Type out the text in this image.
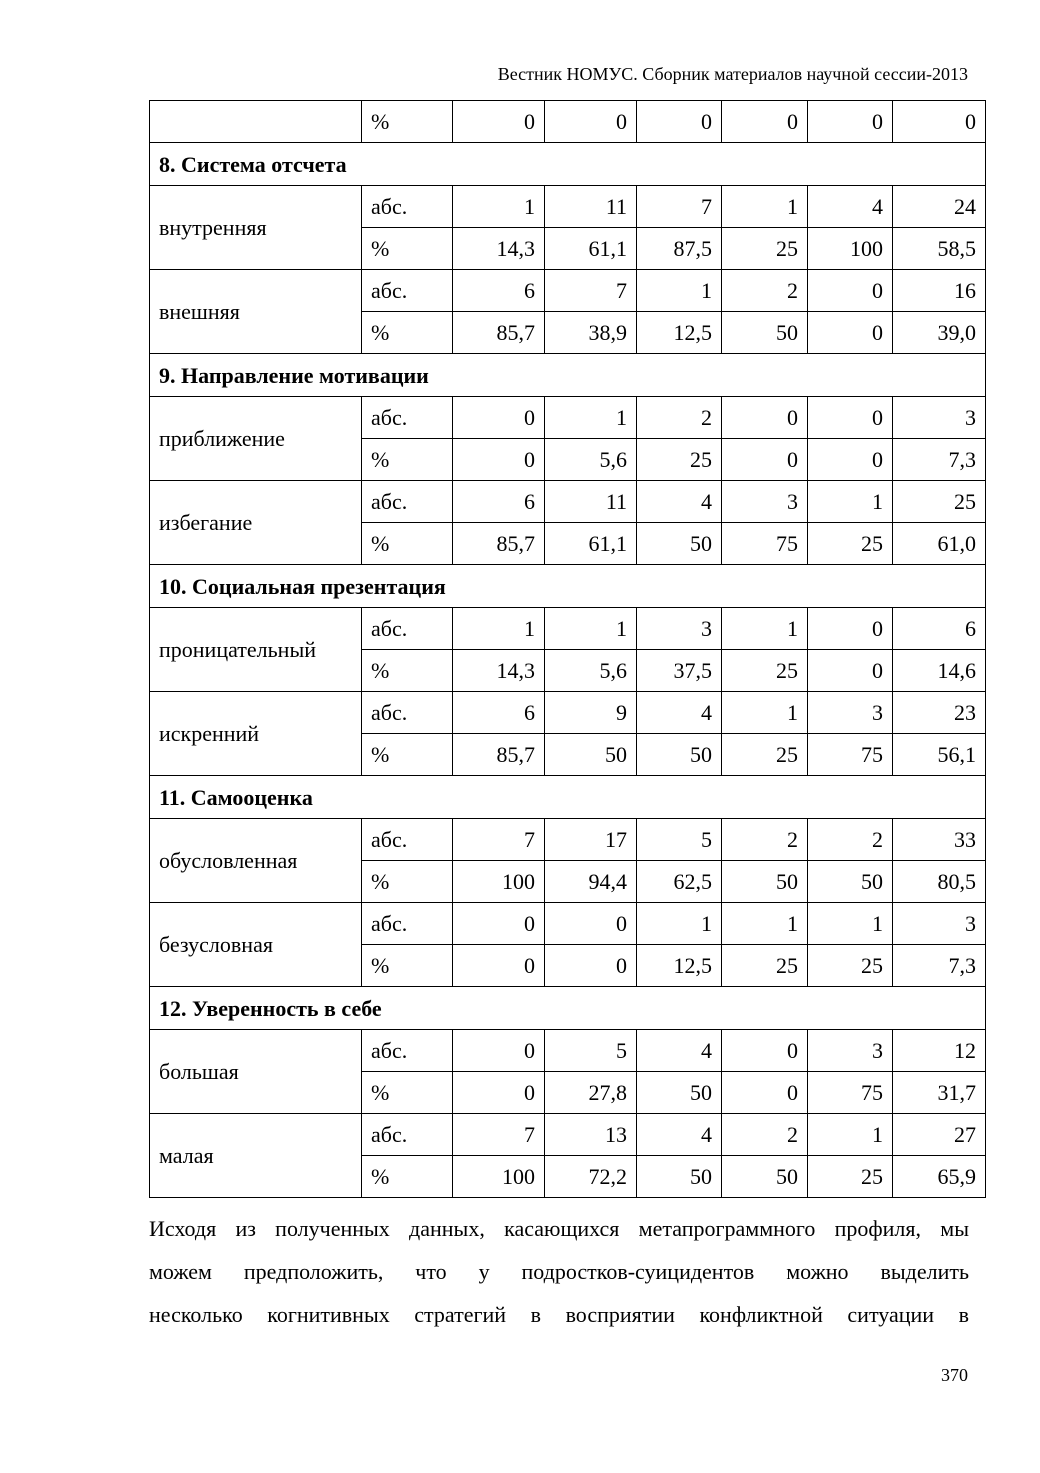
Вестник НОМУС. Сборник материалов научной сессии-2013
	%	0	0	0	0	0	0
8. Система отсчета							
внутренняя	абс.	1	11	7	1	4	24
	%	14,3	61,1	87,5	25	100	58,5
внешняя	абс.	6	7	1	2	0	16
	%	85,7	38,9	12,5	50	0	39,0
9. Направление мотивации							
приближение	абс.	0	1	2	0	0	3
	%	0	5,6	25	0	0	7,3
избегание	абс.	6	11	4	3	1	25
	%	85,7	61,1	50	75	25	61,0
10. Социальная презентация							
проницательный	абс.	1	1	3	1	0	6
	%	14,3	5,6	37,5	25	0	14,6
искренний	абс.	6	9	4	1	3	23
	%	85,7	50	50	25	75	56,1
11. Самооценка							
обусловленная	абс.	7	17	5	2	2	33
	%	100	94,4	62,5	50	50	80,5
безусловная	абс.	0	0	1	1	1	3
	%	0	0	12,5	25	25	7,3
12. Уверенность в себе							
большая	абс.	0	5	4	0	3	12
	%	0	27,8	50	0	75	31,7
малая	абс.	7	13	4	2	1	27
	%	100	72,2	50	50	25	65,9
Исходя из полученных данных, касающихся метапрограммного профиля, мы
можем предположить, что у подростков-суицидентов можно выделить
несколько когнитивных стратегий в восприятии конфликтной ситуации в
370
